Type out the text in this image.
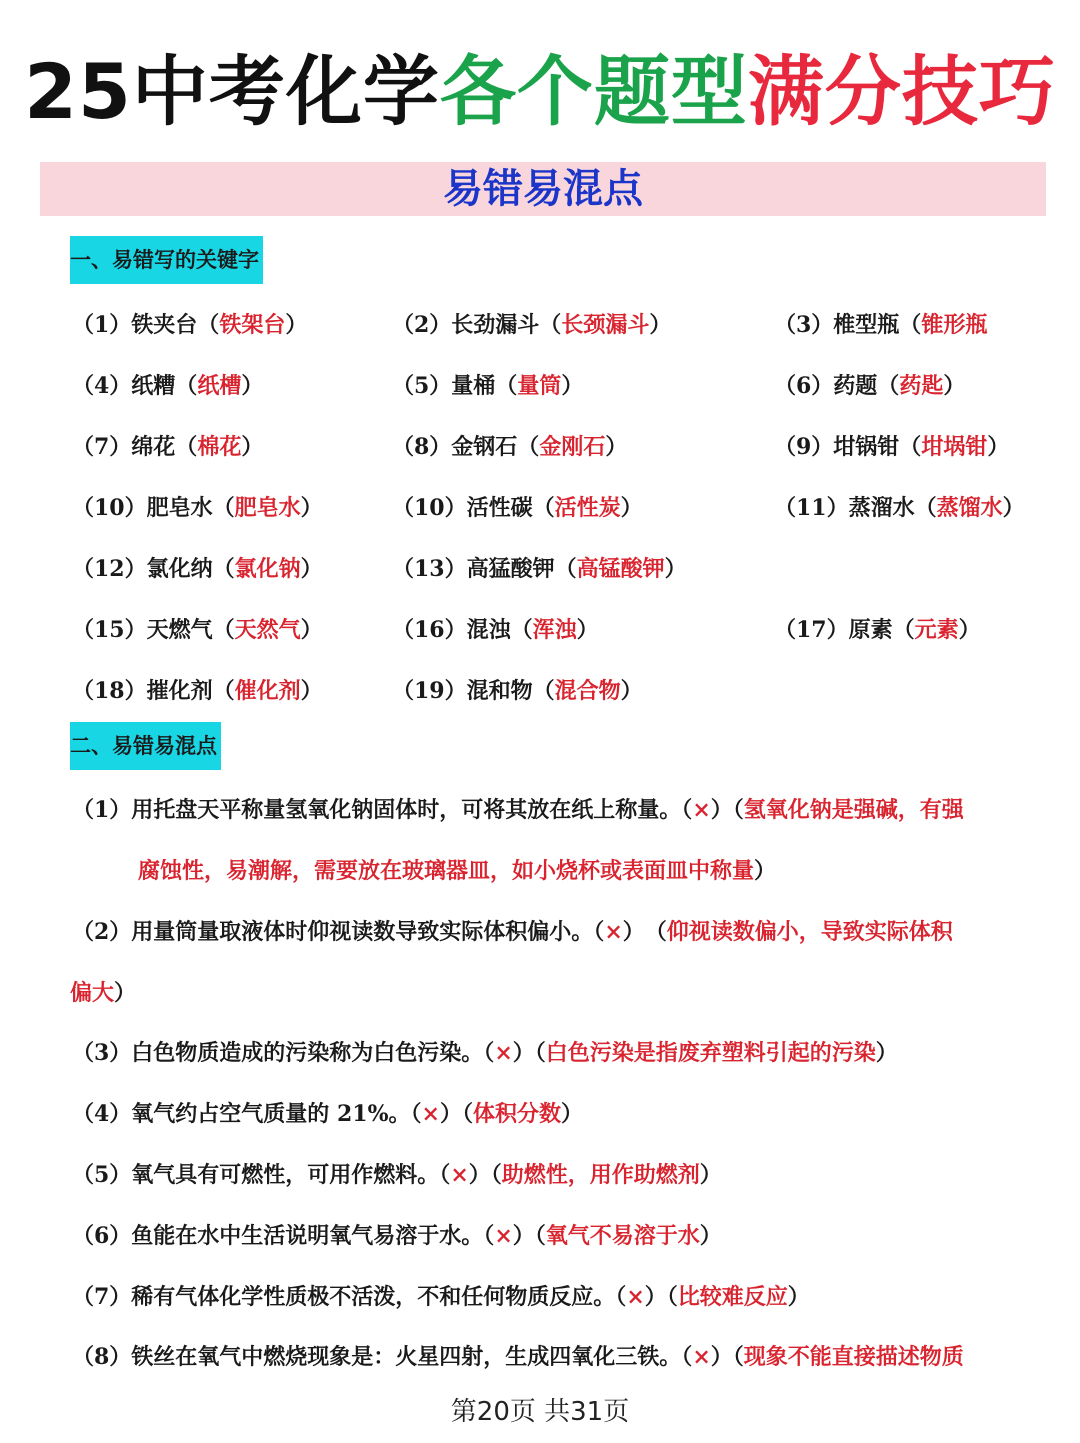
25中考化学各个题型满分技巧
易错易混点
一、易错写的关键字
（1）铁夹台（铁架台）	（2）长劲漏斗（长颈漏斗）	（3）椎型瓶（锥形瓶
（4）纸糟（纸槽）	（5）量桶（量筒）	（6）药题（药匙）
（7）绵花（棉花）	（8）金钢石（金刚石）	（9）坩锅钳（坩埚钳）
（10）肥皂水（肥皂水）	（10）活性碳（活性炭）	（11）蒸溜水（蒸馏水）
（12）氯化纳（氯化钠）	（13）高猛酸钾（高锰酸钾）
（15）天燃气（天然气）	（16）混浊（浑浊）	（17）原素（元素）
（18）摧化剂（催化剂）	（19）混和物（混合物）
二、易错易混点
（1）用托盘天平称量氢氧化钠固体时，可将其放在纸上称量。（×）（氢氧化钠是强碱，有强
腐蚀性，易潮解，需要放在玻璃器皿，如小烧杯或表面皿中称量）
（2）用量筒量取液体时仰视读数导致实际体积偏小。（×）　（仰视读数偏小，导致实际体积
偏大）
（3）白色物质造成的污染称为白色污染。（×）（白色污染是指废弃塑料引起的污染）
（4）氧气约占空气质量的 21%。（×）（体积分数）
（5）氧气具有可燃性，可用作燃料。（×）（助燃性，用作助燃剂）
（6）鱼能在水中生活说明氧气易溶于水。（×）（氧气不易溶于水）
（7）稀有气体化学性质极不活泼，不和任何物质反应。（×）（比较难反应）
（8）铁丝在氧气中燃烧现象是：火星四射，生成四氧化三铁。（×）（现象不能直接描述物质
第20页 共31页
